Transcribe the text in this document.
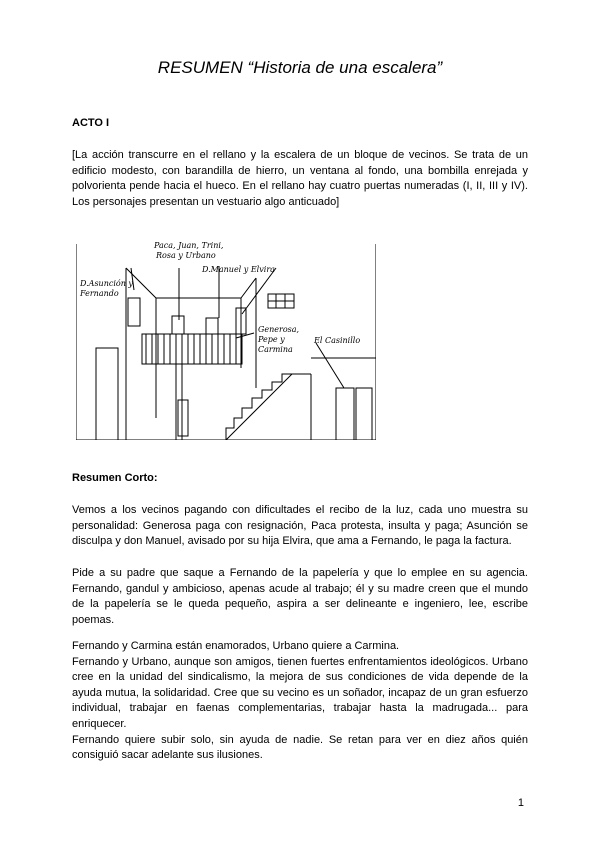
RESUMEN “Historia de una escalera”
ACTO I
[La acción transcurre en el rellano y la escalera de un bloque de vecinos. Se trata de un edificio modesto, con barandilla de hierro, un ventana al fondo, una bombilla enrejada y polvorienta pende hacia el hueco. En el rellano hay cuatro puertas numeradas (I, II, III y IV). Los personajes presentan un vestuario algo anticuado]
Paca, Juan, Trini,
Rosa y Urbano
D.Manuel y Elvira
D.Asunción y
Fernando
Generosa,
Pepe y
Carmina
El Casinillo
Resumen Corto:
Vemos a los vecinos pagando con dificultades el recibo de la luz, cada uno muestra su personalidad: Generosa paga con resignación, Paca protesta, insulta y paga; Asunción se disculpa y don Manuel, avisado por su hija Elvira, que ama a Fernando, le paga la factura.
Pide a su padre que saque a Fernando de la papelería y que lo emplee en su agencia. Fernando, gandul y ambicioso, apenas acude al trabajo; él y su madre creen que el mundo de la papelería se le queda pequeño, aspira a ser delineante e ingeniero, lee, escribe poemas.

Fernando y Carmina están enamorados, Urbano quiere a Carmina.

Fernando y Urbano, aunque son amigos, tienen fuertes enfrentamientos ideológicos. Urbano cree en la unidad del sindicalismo, la mejora de sus condiciones de vida depende de la ayuda mutua, la solidaridad. Cree que su vecino es un soñador, incapaz de un gran esfuerzo individual, trabajar en faenas complementarias, trabajar hasta la madrugada... para enriquecer.

Fernando quiere subir solo, sin ayuda de nadie. Se retan para ver en diez años quién consiguió sacar adelante sus ilusiones.

1
